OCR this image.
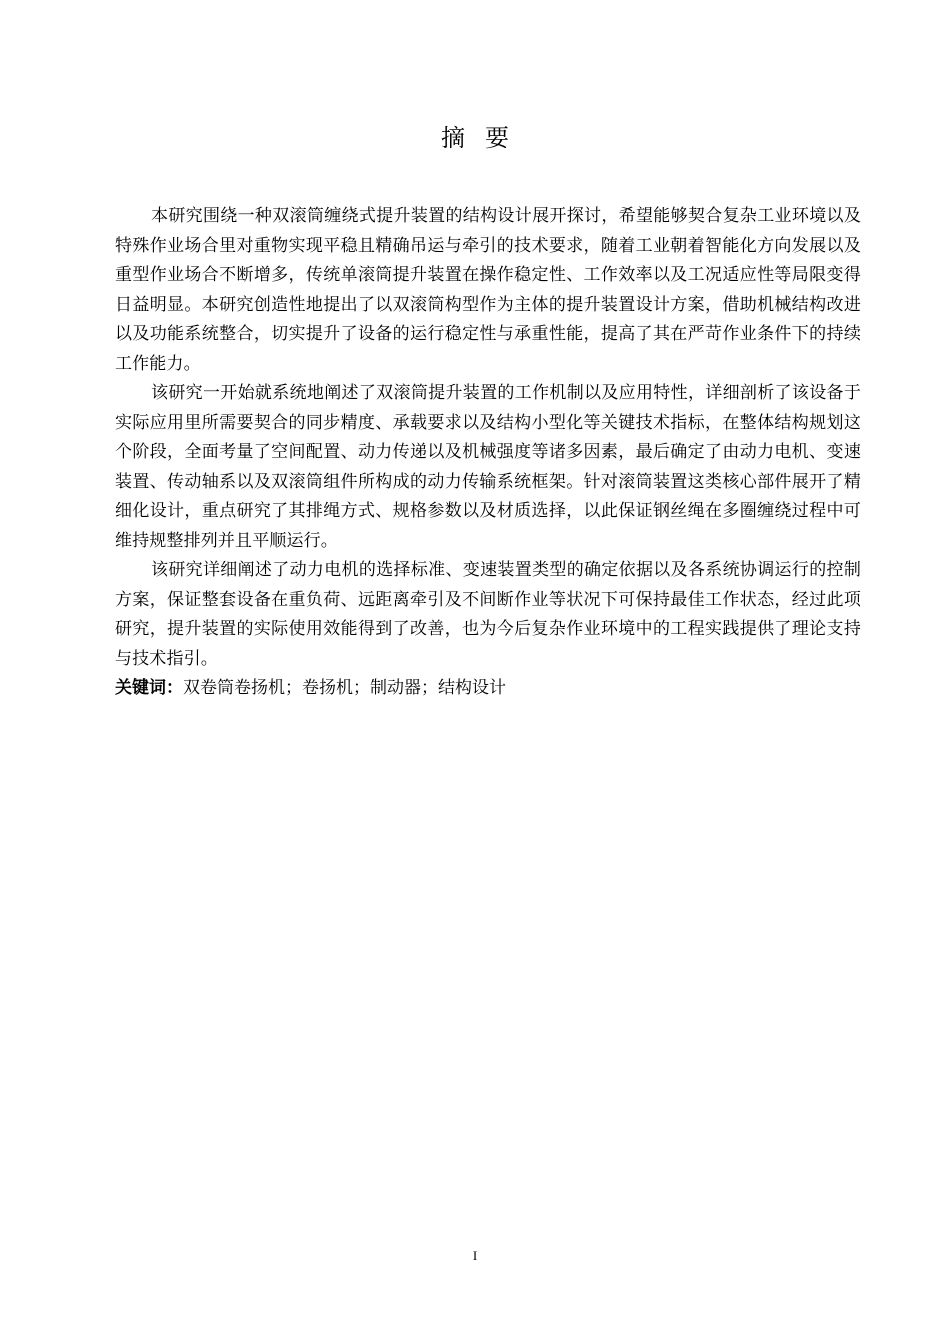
摘要

本研究围绕一种双滚筒缠绕式提升装置的结构设计展开探讨，希望能够契合复杂工业环境以及特殊作业场合里对重物实现平稳且精确吊运与牵引的技术要求，随着工业朝着智能化方向发展以及重型作业场合不断增多，传统单滚筒提升装置在操作稳定性、工作效率以及工况适应性等局限变得日益明显。本研究创造性地提出了以双滚筒构型作为主体的提升装置设计方案，借助机械结构改进以及功能系统整合，切实提升了设备的运行稳定性与承重性能，提高了其在严苛作业条件下的持续工作能力。

该研究一开始就系统地阐述了双滚筒提升装置的工作机制以及应用特性，详细剖析了该设备于实际应用里所需要契合的同步精度、承载要求以及结构小型化等关键技术指标，在整体结构规划这个阶段，全面考量了空间配置、动力传递以及机械强度等诸多因素，最后确定了由动力电机、变速装置、传动轴系以及双滚筒组件所构成的动力传输系统框架。针对滚筒装置这类核心部件展开了精细化设计，重点研究了其排绳方式、规格参数以及材质选择，以此保证钢丝绳在多圈缠绕过程中可维持规整排列并且平顺运行。

该研究详细阐述了动力电机的选择标准、变速装置类型的确定依据以及各系统协调运行的控制方案，保证整套设备在重负荷、远距离牵引及不间断作业等状况下可保持最佳工作状态，经过此项研究，提升装置的实际使用效能得到了改善，也为今后复杂作业环境中的工程实践提供了理论支持与技术指引。

关键词：双卷筒卷扬机；卷扬机；制动器；结构设计

I
